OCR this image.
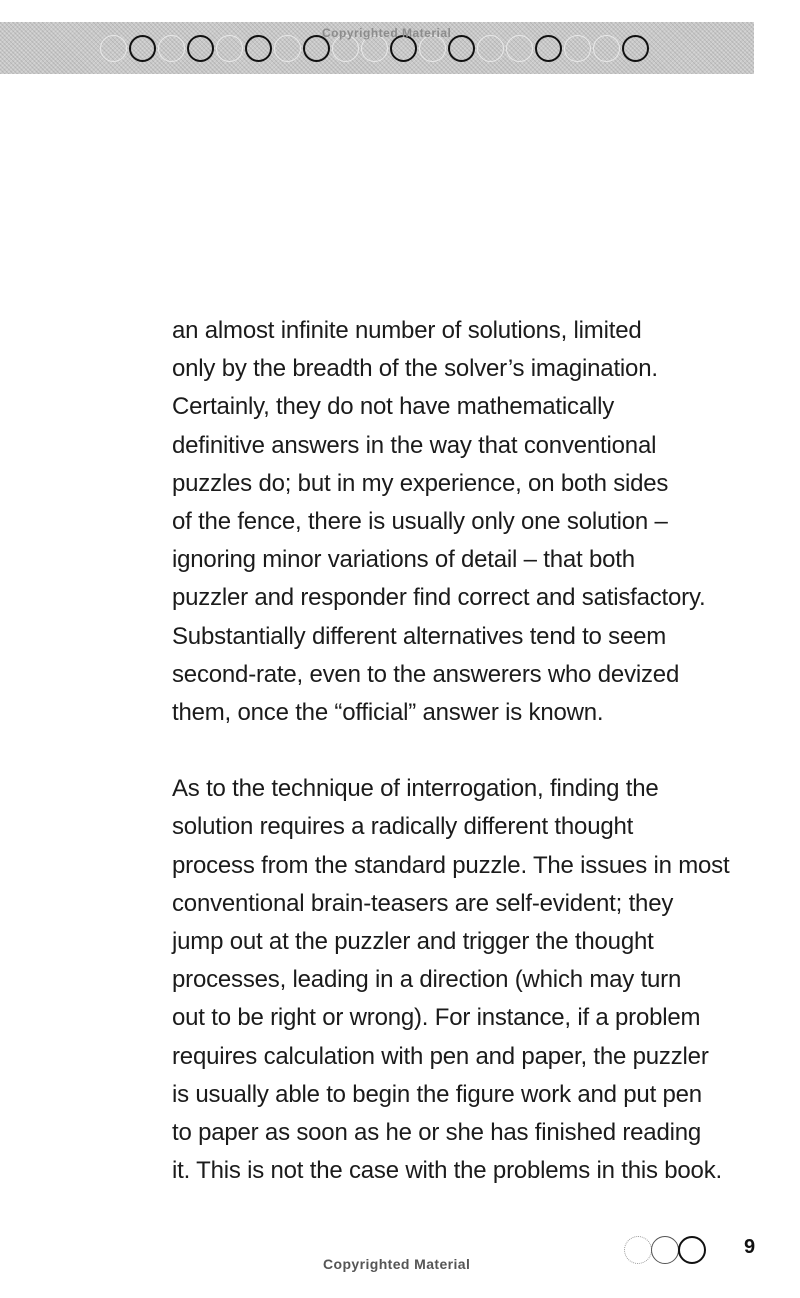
Copyrighted Material

an almost infinite number of solutions, limited
only by the breadth of the solver’s imagination.
Certainly, they do not have mathematically
definitive answers in the way that conventional
puzzles do; but in my experience, on both sides
of the fence, there is usually only one solution –
ignoring minor variations of detail – that both
puzzler and responder find correct and satisfactory.
Substantially different alternatives tend to seem
second-rate, even to the answerers who devized
them, once the “official” answer is known.

As to the technique of interrogation, finding the
solution requires a radically different thought
process from the standard puzzle. The issues in most
conventional brain-teasers are self-evident; they
jump out at the puzzler and trigger the thought
processes, leading in a direction (which may turn
out to be right or wrong). For instance, if a problem
requires calculation with pen and paper, the puzzler
is usually able to begin the figure work and put pen
to paper as soon as he or she has finished reading
it. This is not the case with the problems in this book.

Copyrighted Material
9
